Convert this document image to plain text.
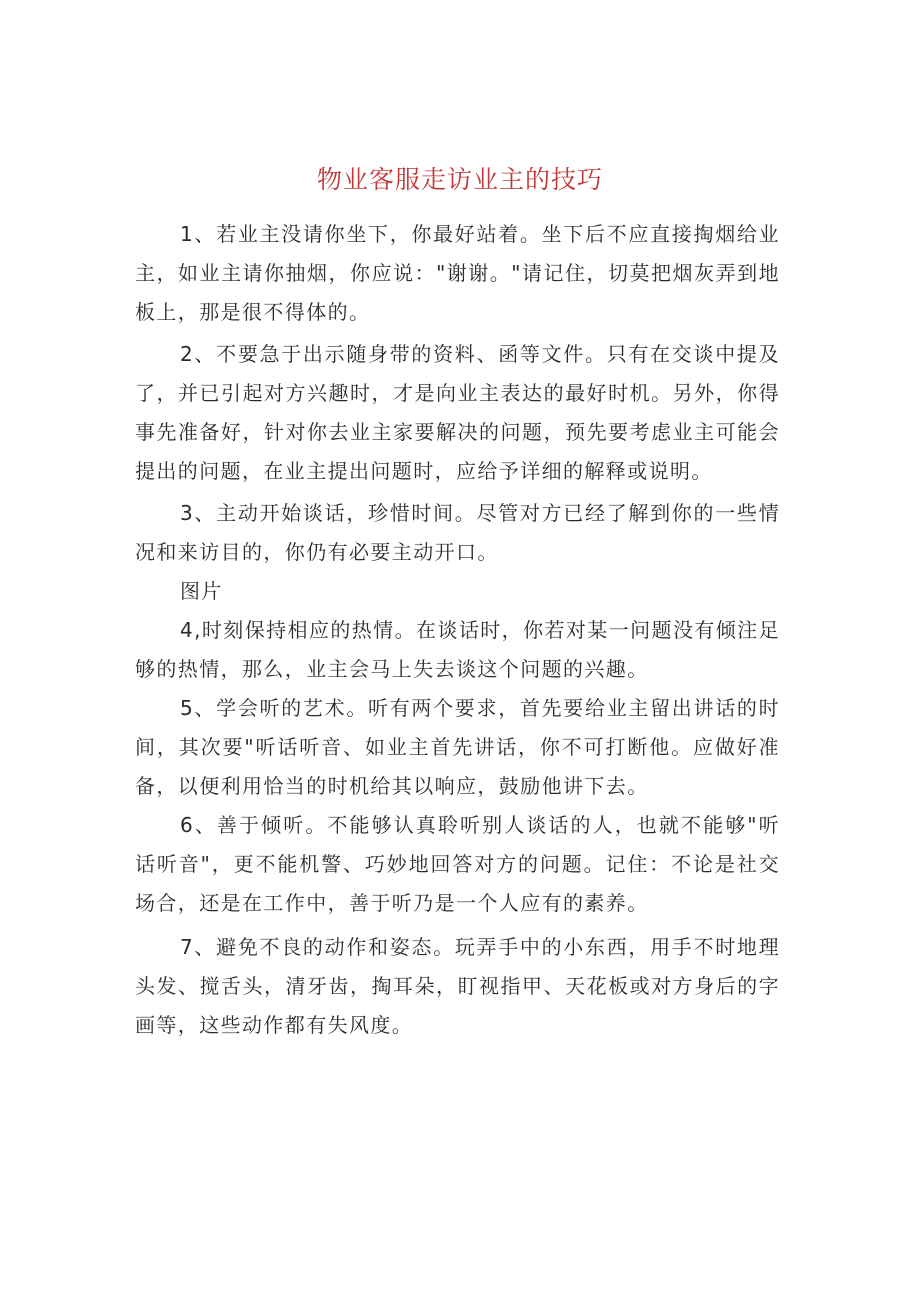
物业客服走访业主的技巧

1、若业主没请你坐下，你最好站着。坐下后不应直接掏烟给业主，如业主请你抽烟，你应说："谢谢。"请记住，切莫把烟灰弄到地板上，那是很不得体的。

2、不要急于出示随身带的资料、函等文件。只有在交谈中提及了，并已引起对方兴趣时，才是向业主表达的最好时机。另外，你得事先准备好，针对你去业主家要解决的问题，预先要考虑业主可能会提出的问题，在业主提出问题时，应给予详细的解释或说明。

3、主动开始谈话，珍惜时间。尽管对方已经了解到你的一些情况和来访目的，你仍有必要主动开口。

图片

4,时刻保持相应的热情。在谈话时，你若对某一问题没有倾注足够的热情，那么，业主会马上失去谈这个问题的兴趣。

5、学会听的艺术。听有两个要求，首先要给业主留出讲话的时间，其次要"听话听音、如业主首先讲话，你不可打断他。应做好准备，以便利用恰当的时机给其以响应，鼓励他讲下去。

6、善于倾听。不能够认真聆听别人谈话的人，也就不能够"听话听音"，更不能机警、巧妙地回答对方的问题。记住：不论是社交场合，还是在工作中，善于听乃是一个人应有的素养。

7、避免不良的动作和姿态。玩弄手中的小东西，用手不时地理头发、搅舌头，清牙齿，掏耳朵，盯视指甲、天花板或对方身后的字画等，这些动作都有失风度。
